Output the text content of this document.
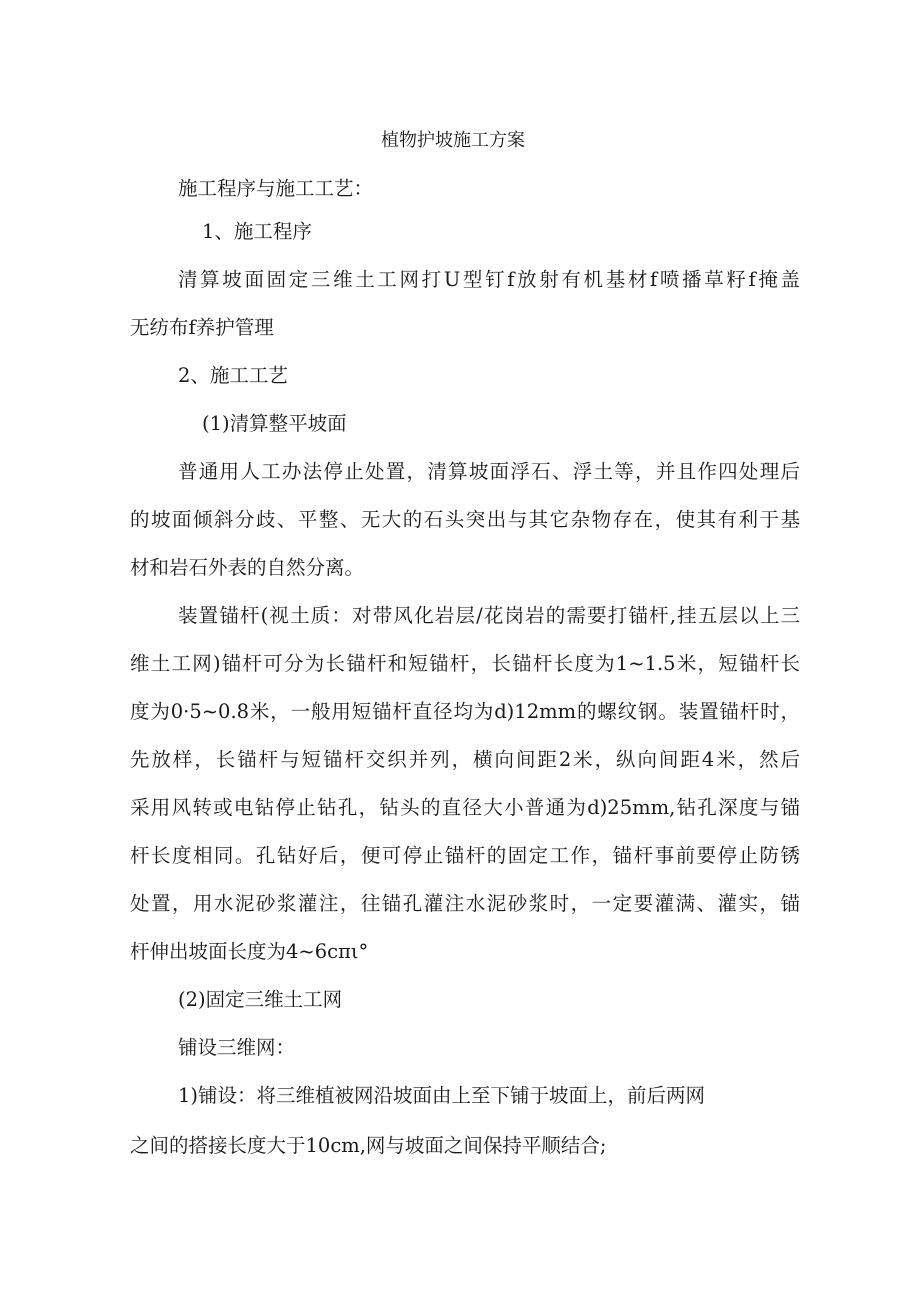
植物护坡施工方案

施工程序与施工工艺：

1、施工程序

清算坡面固定三维土工网打U型钉f放射有机基材f喷播草籽f掩盖

无纺布f养护管理

2、施工工艺

(1)清算整平坡面

普通用人工办法停止处置，清算坡面浮石、浮土等，并且作四处理后

的坡面倾斜分歧、平整、无大的石头突出与其它杂物存在，使其有利于基

材和岩石外表的自然分离。

装置锚杆(视土质：对带风化岩层/花岗岩的需要打锚杆,挂五层以上三

维土工网)锚杆可分为长锚杆和短锚杆，长锚杆长度为1~1.5米，短锚杆长

度为0·5~0.8米，一般用短锚杆直径均为d)12mm的螺纹钢。装置锚杆时，

先放样，长锚杆与短锚杆交织并列，横向间距2米，纵向间距4米，然后

采用风转或电钻停止钻孔，钻头的直径大小普通为d)25mm,钻孔深度与锚

杆长度相同。孔钻好后，便可停止锚杆的固定工作，锚杆事前要停止防锈

处置，用水泥砂浆灌注，往锚孔灌注水泥砂浆时，一定要灌满、灌实，锚

杆伸出坡面长度为4~6cπι°

(2)固定三维土工网

铺设三维网：

1)铺设：将三维植被网沿坡面由上至下铺于坡面上，前后两网

之间的搭接长度大于10cm,网与坡面之间保持平顺结合;
